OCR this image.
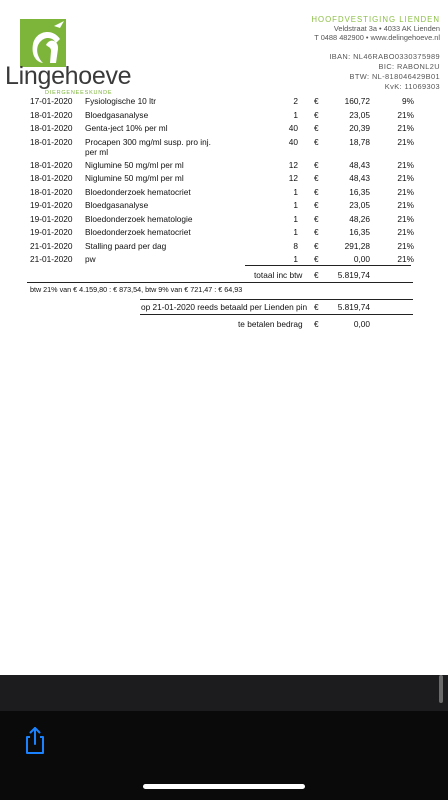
Lingehoeve
DIERGENEESKUNDE
HOOFDVESTIGING LIENDEN
Veldstraat 3a • 4033 AK Lienden
T 0488 482900 • www.delingehoeve.nl
IBAN: NL46RABO0330375989
BIC: RABONL2U
BTW: NL-818046429B01
KvK: 11069303
17-01-2020 Fysiologische 10 ltr	2 €	160,72	9%
18-01-2020 Bloedgasanalyse	1 €	23,05	21%
18-01-2020 Genta-ject 10% per ml	40 €	20,39	21%
18-01-2020 Procapen 300 mg/ml susp. pro inj. per ml
40 €	18,78	21%
18-01-2020 Niglumine 50 mg/ml per ml	12 €	48,43	21%
18-01-2020 Niglumine 50 mg/ml per ml	12 €	48,43	21%
18-01-2020 Bloedonderzoek hematocriet	1 €	16,35	21%
19-01-2020 Bloedgasanalyse	1 €	23,05	21%
19-01-2020 Bloedonderzoek hematologie	1 €	48,26	21%
19-01-2020 Bloedonderzoek hematocriet	1 €	16,35	21%
21-01-2020 Stalling paard per dag	8 €	291,28	21%
21-01-2020 pw	1 €	0,00	21%
totaal inc btw €	5.819,74
btw 21% van € 4.159,80 : € 873,54, btw 9% van € 721,47 : € 64,93
op 21-01-2020 reeds betaald per Lienden pin €	5.819,74
te betalen bedrag €	0,00
